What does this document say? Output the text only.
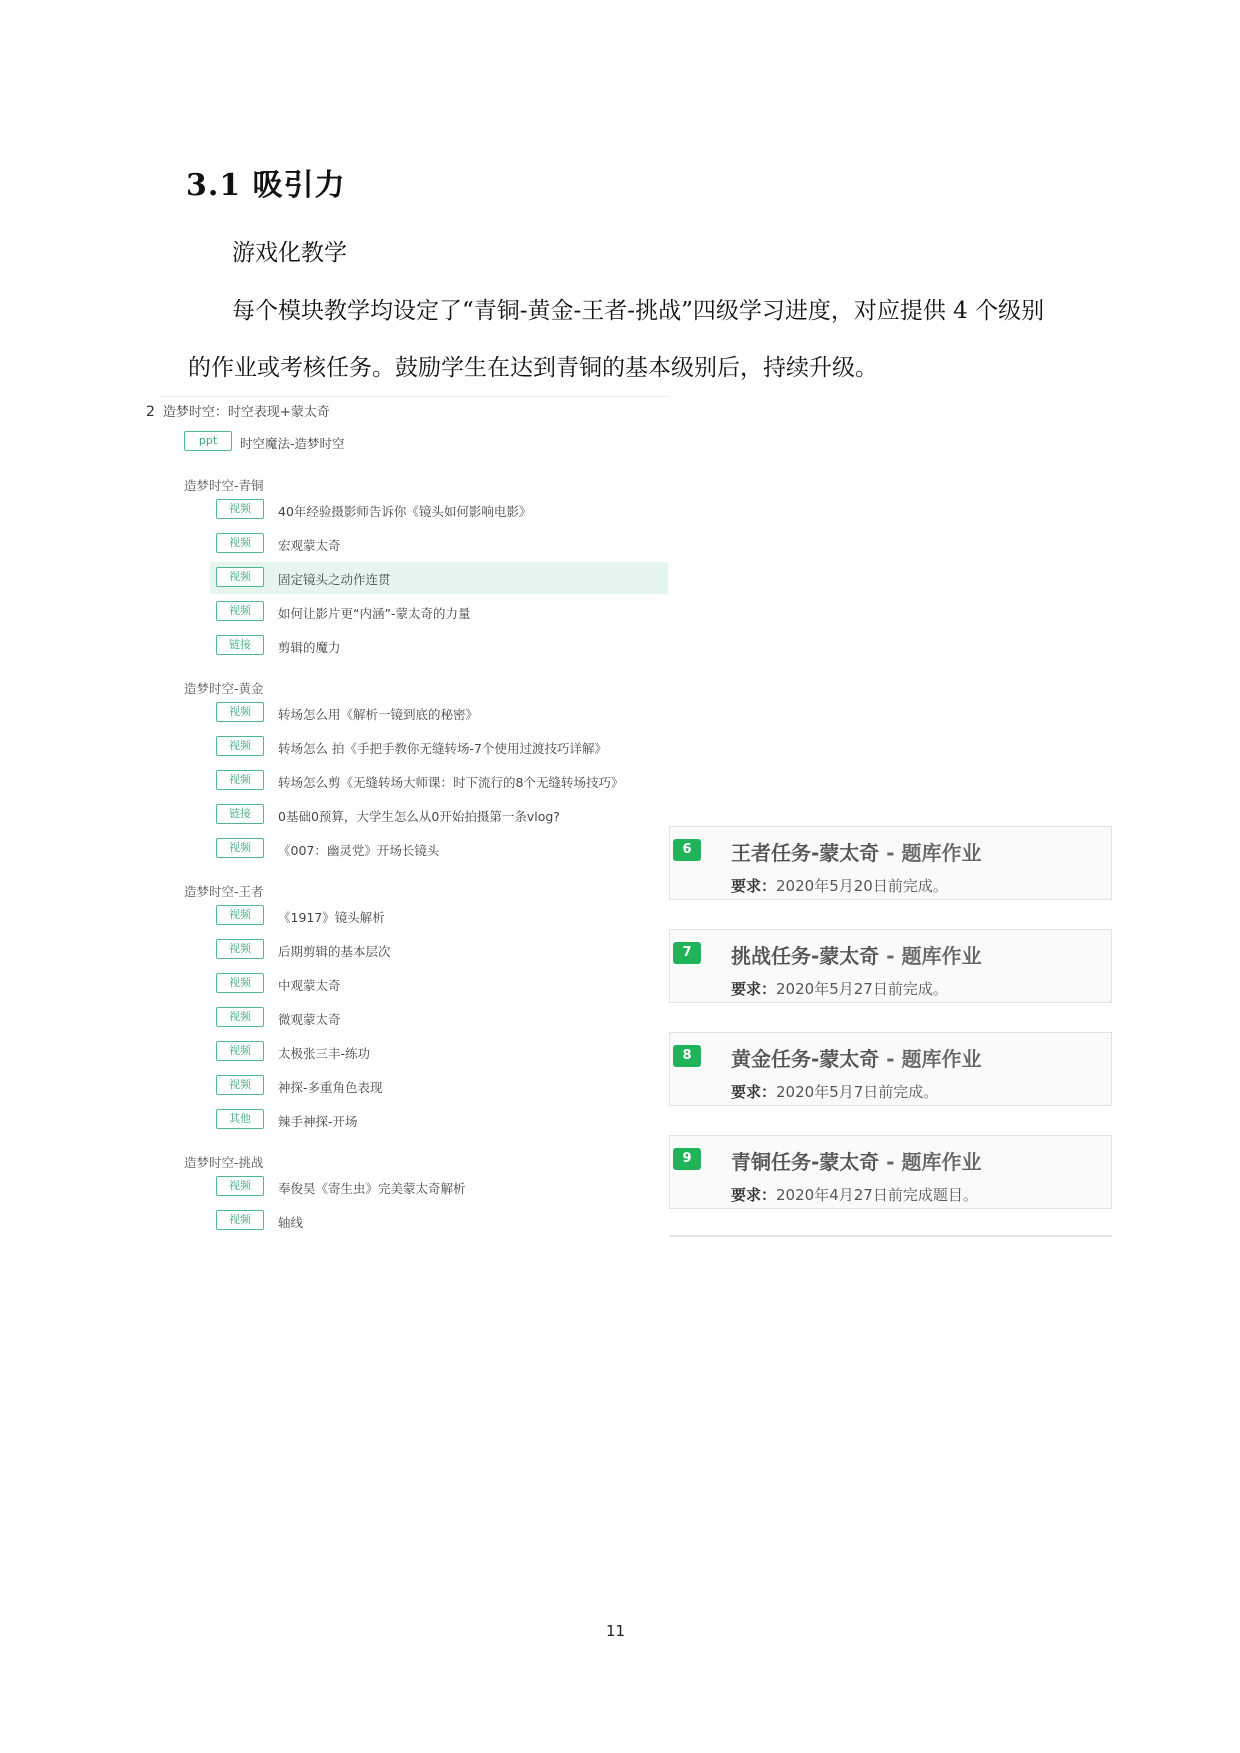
3.1 吸引力
游戏化教学
每个模块教学均设定了“青铜-黄金-王者-挑战”四级学习进度，对应提供 4 个级别
的作业或考核任务。鼓励学生在达到青铜的基本级别后，持续升级。
2 造梦时空：时空表现+蒙太奇
ppt	时空魔法-造梦时空
造梦时空-青铜
视频	40年经验摄影师告诉你《镜头如何影响电影》
视频	宏观蒙太奇
视频	固定镜头之动作连贯
视频	如何让影片更“内涵”-蒙太奇的力量
链接	剪辑的魔力
造梦时空-黄金
视频	转场怎么用《解析一镜到底的秘密》
视频	转场怎么 拍《手把手教你无缝转场-7个使用过渡技巧详解》
视频	转场怎么剪《无缝转场大师课：时下流行的8个无缝转场技巧》
链接	0基础0预算，大学生怎么从0开始拍摄第一条vlog?
视频	《007：幽灵党》开场长镜头
造梦时空-王者
视频	《1917》镜头解析
视频	后期剪辑的基本层次
视频	中观蒙太奇
视频	微观蒙太奇
视频	太极张三丰-练功
视频	神探-多重角色表现
其他	辣手神探-开场
造梦时空-挑战
视频	奉俊昊《寄生虫》完美蒙太奇解析
视频	轴线
6	王者任务-蒙太奇 - 题库作业
要求：2020年5月20日前完成。
7	挑战任务-蒙太奇 - 题库作业
要求：2020年5月27日前完成。
8	黄金任务-蒙太奇 - 题库作业
要求：2020年5月7日前完成。
9	青铜任务-蒙太奇 - 题库作业
要求：2020年4月27日前完成题目。
11
